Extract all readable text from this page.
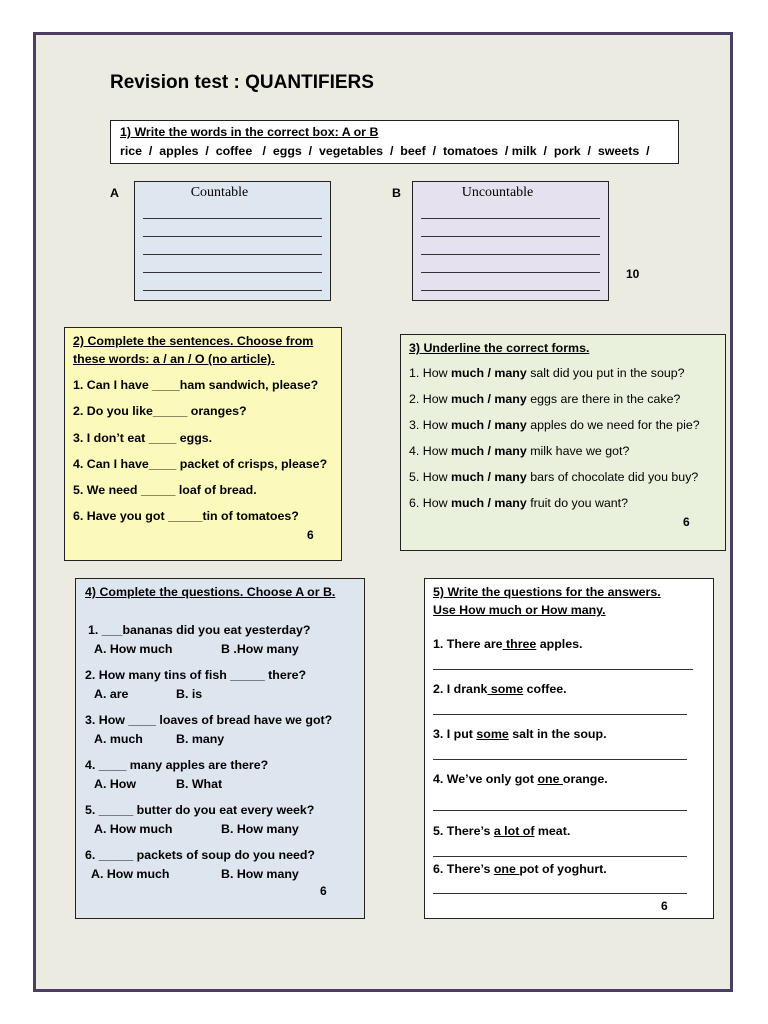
Revision test : QUANTIFIERS
1) Write the words in the correct box: A or B
rice  /  apples  /  coffee   /  eggs  /  vegetables  /  beef  /  tomatoes  / milk  /  pork  /  sweets  /
A	Countable	B	Uncountable
10
2) Complete the sentences. Choose from
these words: a / an / O (no article).
1. Can I have ____ham sandwich, please?
2. Do you like_____ oranges?
3. I don’t eat ____ eggs.
4. Can I have____ packet of crisps, please?
5. We need _____ loaf of bread.
6. Have you got _____tin of tomatoes?
6
3) Underline the correct forms.
1. How much / many salt did you put in the soup?
2. How much / many eggs are there in the cake?
3. How much / many apples do we need for the pie?
4. How much / many milk have we got?
5. How much / many bars of chocolate did you buy?
6. How much / many fruit do you want?
6
4) Complete the questions. Choose A or B.
1. ___bananas did you eat yesterday?
A. How much	B .How many
2. How many tins of fish _____ there?
A. are	B. is
3. How ____ loaves of bread have we got?
A. much	B. many
4. ____ many apples are there?
A. How	B. What
5. _____ butter do you eat every week?
A. How much	B. How many
6. _____ packets of soup do you need?
A. How much	B. How many
6
5) Write the questions for the answers.
Use How much or How many.
1. There are three apples.
2. I drank some coffee.
3. I put some salt in the soup.
4. We’ve only got one orange.
5. There’s a lot of meat.
6. There’s one pot of yoghurt.
6
